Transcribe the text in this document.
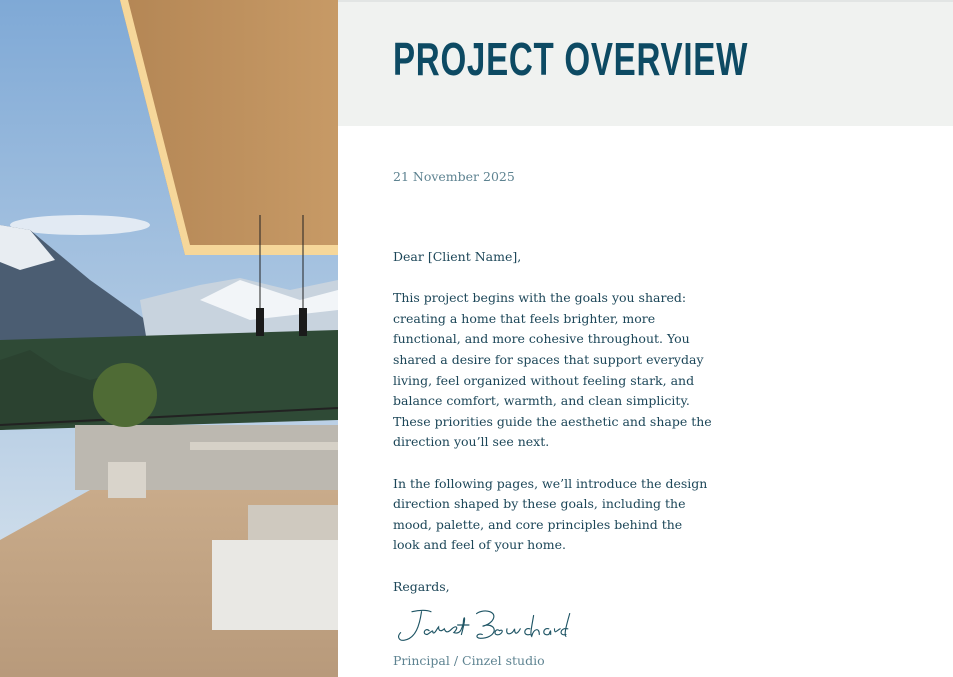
PROJECT OVERVIEW
21 November 2025

Dear [Client Name],

This project begins with the goals you shared:
creating a home that feels brighter, more
functional, and more cohesive throughout. You
shared a desire for spaces that support everyday
living, feel organized without feeling stark, and
balance comfort, warmth, and clean simplicity.
These priorities guide the aesthetic and shape the
direction you’ll see next.

In the following pages, we’ll introduce the design
direction shaped by these goals, including the
mood, palette, and core principles behind the
look and feel of your home.

Regards,

Principal / Cinzel studio
